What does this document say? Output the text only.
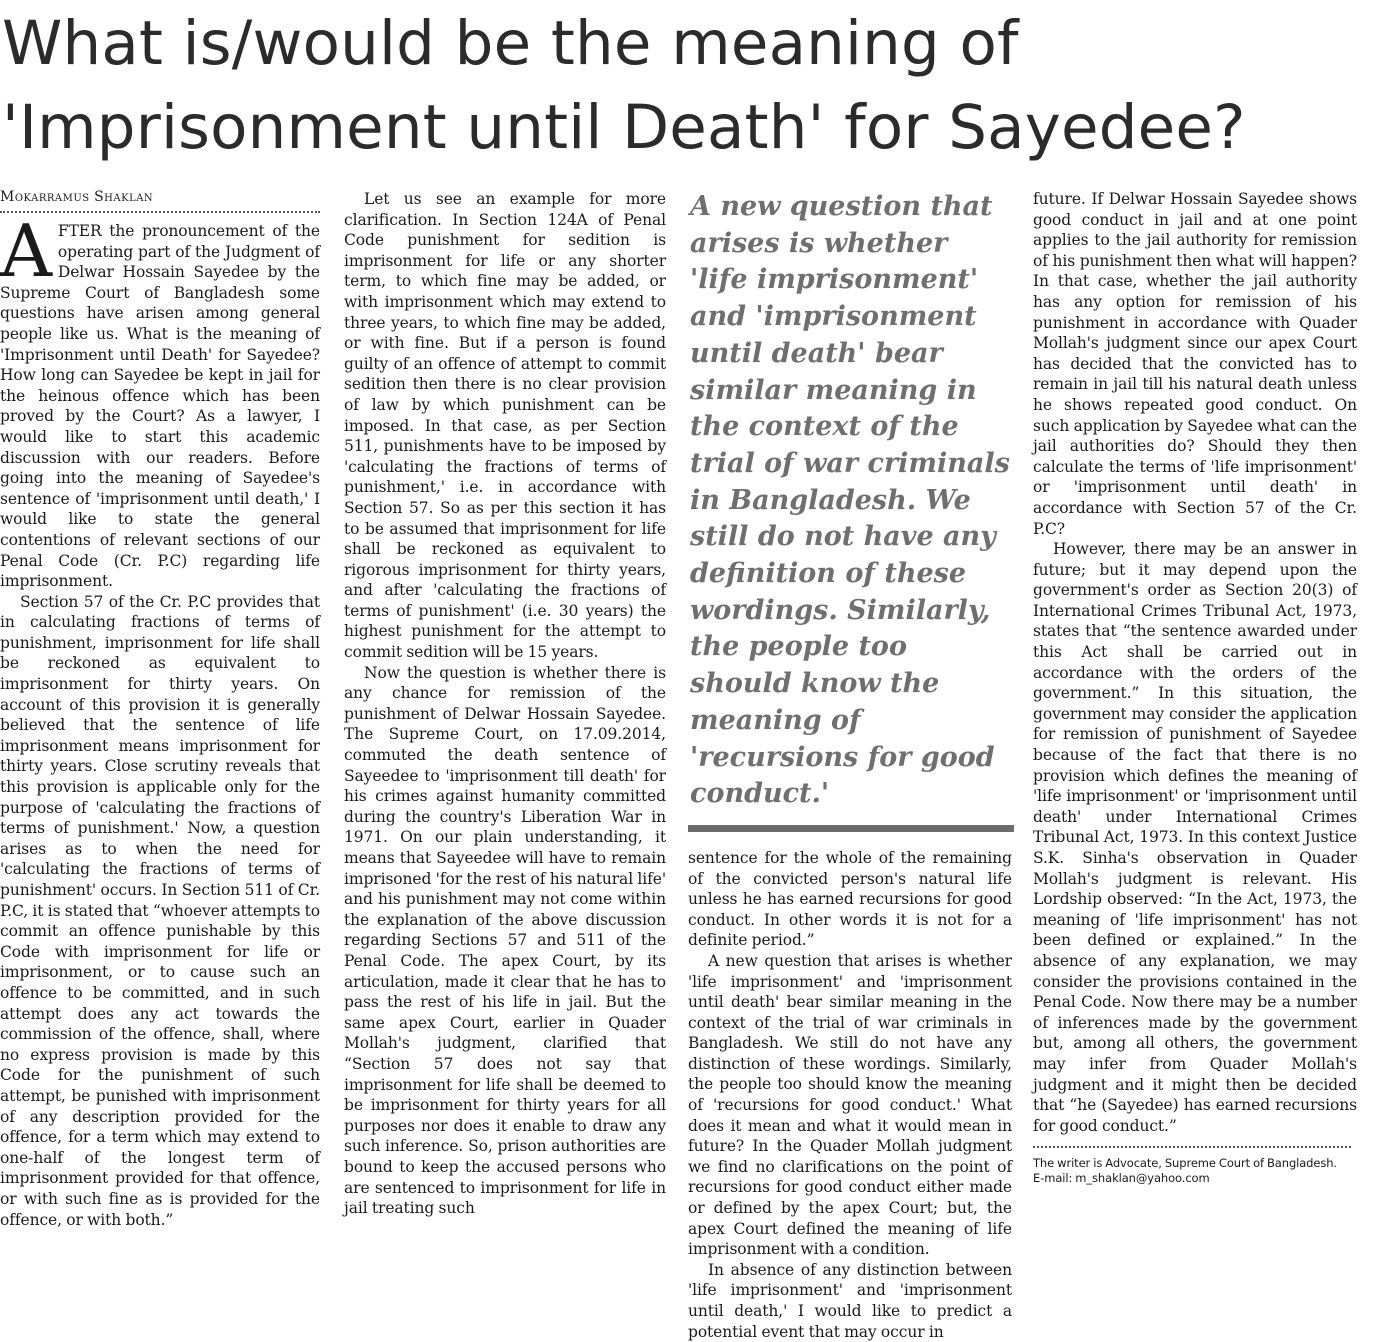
What is/would be the meaning of
'Imprisonment until Death' for Sayedee?
Mokarramus Shaklan

AFTER the pronouncement of the operating part of the Judgment of Delwar Hossain Sayedee by the Supreme Court of Bangladesh some questions have arisen among general people like us. What is the meaning of 'Imprisonment until Death' for Sayedee? How long can Sayedee be kept in jail for the heinous offence which has been proved by the Court? As a lawyer, I would like to start this academic discussion with our readers. Before going into the meaning of Sayedee's sentence of 'imprisonment until death,' I would like to state the general contentions of relevant sections of our Penal Code (Cr. P.C) regarding life imprisonment.

Section 57 of the Cr. P.C provides that in calculating fractions of terms of punishment, imprisonment for life shall be reckoned as equivalent to imprisonment for thirty years. On account of this provision it is generally believed that the sentence of life imprisonment means imprisonment for thirty years. Close scrutiny reveals that this provision is applicable only for the purpose of 'calculating the fractions of terms of punishment.' Now, a question arises as to when the need for 'calculating the fractions of terms of punishment' occurs. In Section 511 of Cr. P.C, it is stated that “whoever attempts to commit an offence punishable by this Code with imprisonment for life or imprisonment, or to cause such an offence to be committed, and in such attempt does any act towards the commission of the offence, shall, where no express provision is made by this Code for the punishment of such attempt, be punished with imprisonment of any description provided for the offence, for a term which may extend to one-half of the longest term of imprisonment provided for that offence, or with such fine as is provided for the offence, or with both.”

Let us see an example for more clarification. In Section 124A of Penal Code punishment for sedition is imprisonment for life or any shorter term, to which fine may be added, or with imprisonment which may extend to three years, to which fine may be added, or with fine. But if a person is found guilty of an offence of attempt to commit sedition then there is no clear provision of law by which punishment can be imposed. In that case, as per Section 511, punishments have to be imposed by 'calculating the fractions of terms of punishment,' i.e. in accordance with Section 57. So as per this section it has to be assumed that imprisonment for life shall be reckoned as equivalent to rigorous imprisonment for thirty years, and after 'calculating the fractions of terms of punishment' (i.e. 30 years) the highest punishment for the attempt to commit sedition will be 15 years.

Now the question is whether there is any chance for remission of the punishment of Delwar Hossain Sayedee. The Supreme Court, on 17.09.2014, commuted the death sentence of Sayeedee to 'imprisonment till death' for his crimes against humanity committed during the country's Liberation War in 1971. On our plain understanding, it means that Sayeedee will have to remain imprisoned 'for the rest of his natural life' and his punishment may not come within the explanation of the above discussion regarding Sections 57 and 511 of the Penal Code. The apex Court, by its articulation, made it clear that he has to pass the rest of his life in jail. But the same apex Court, earlier in Quader Mollah's judgment, clarified that “Section 57 does not say that imprisonment for life shall be deemed to be imprisonment for thirty years for all purposes nor does it enable to draw any such inference. So, prison authorities are bound to keep the accused persons who are sentenced to imprisonment for life in jail treating such

A new question that arises is whether 'life imprisonment' and 'imprisonment until death' bear similar meaning in the context of the trial of war criminals in Bangladesh. We still do not have any definition of these wordings. Similarly, the people too should know the meaning of 'recursions for good conduct.'

sentence for the whole of the remaining of the convicted person's natural life unless he has earned recursions for good conduct. In other words it is not for a definite period.”

A new question that arises is whether 'life imprisonment' and 'imprisonment until death' bear similar meaning in the context of the trial of war criminals in Bangladesh. We still do not have any distinction of these wordings. Similarly, the people too should know the meaning of 'recursions for good conduct.' What does it mean and what it would mean in future? In the Quader Mollah judgment we find no clarifications on the point of recursions for good conduct either made or defined by the apex Court; but, the apex Court defined the meaning of life imprisonment with a condition.

In absence of any distinction between 'life imprisonment' and 'imprisonment until death,' I would like to predict a potential event that may occur in

future. If Delwar Hossain Sayedee shows good conduct in jail and at one point applies to the jail authority for remission of his punishment then what will happen? In that case, whether the jail authority has any option for remission of his punishment in accordance with Quader Mollah's judgment since our apex Court has decided that the convicted has to remain in jail till his natural death unless he shows repeated good conduct. On such application by Sayedee what can the jail authorities do? Should they then calculate the terms of 'life imprisonment' or 'imprisonment until death' in accordance with Section 57 of the Cr. P.C?

However, there may be an answer in future; but it may depend upon the government's order as Section 20(3) of International Crimes Tribunal Act, 1973, states that “the sentence awarded under this Act shall be carried out in accordance with the orders of the government.” In this situation, the government may consider the application for remission of punishment of Sayedee because of the fact that there is no provision which defines the meaning of 'life imprisonment' or 'imprisonment until death' under International Crimes Tribunal Act, 1973. In this context Justice S.K. Sinha's observation in Quader Mollah's judgment is relevant. His Lordship observed: “In the Act, 1973, the meaning of 'life imprisonment' has not been defined or explained.” In the absence of any explanation, we may consider the provisions contained in the Penal Code. Now there may be a number of inferences made by the government but, among all others, the government may infer from Quader Mollah's judgment and it might then be decided that “he (Sayedee) has earned recursions for good conduct.”

The writer is Advocate, Supreme Court of Bangladesh.
E-mail: m_shaklan@yahoo.com
